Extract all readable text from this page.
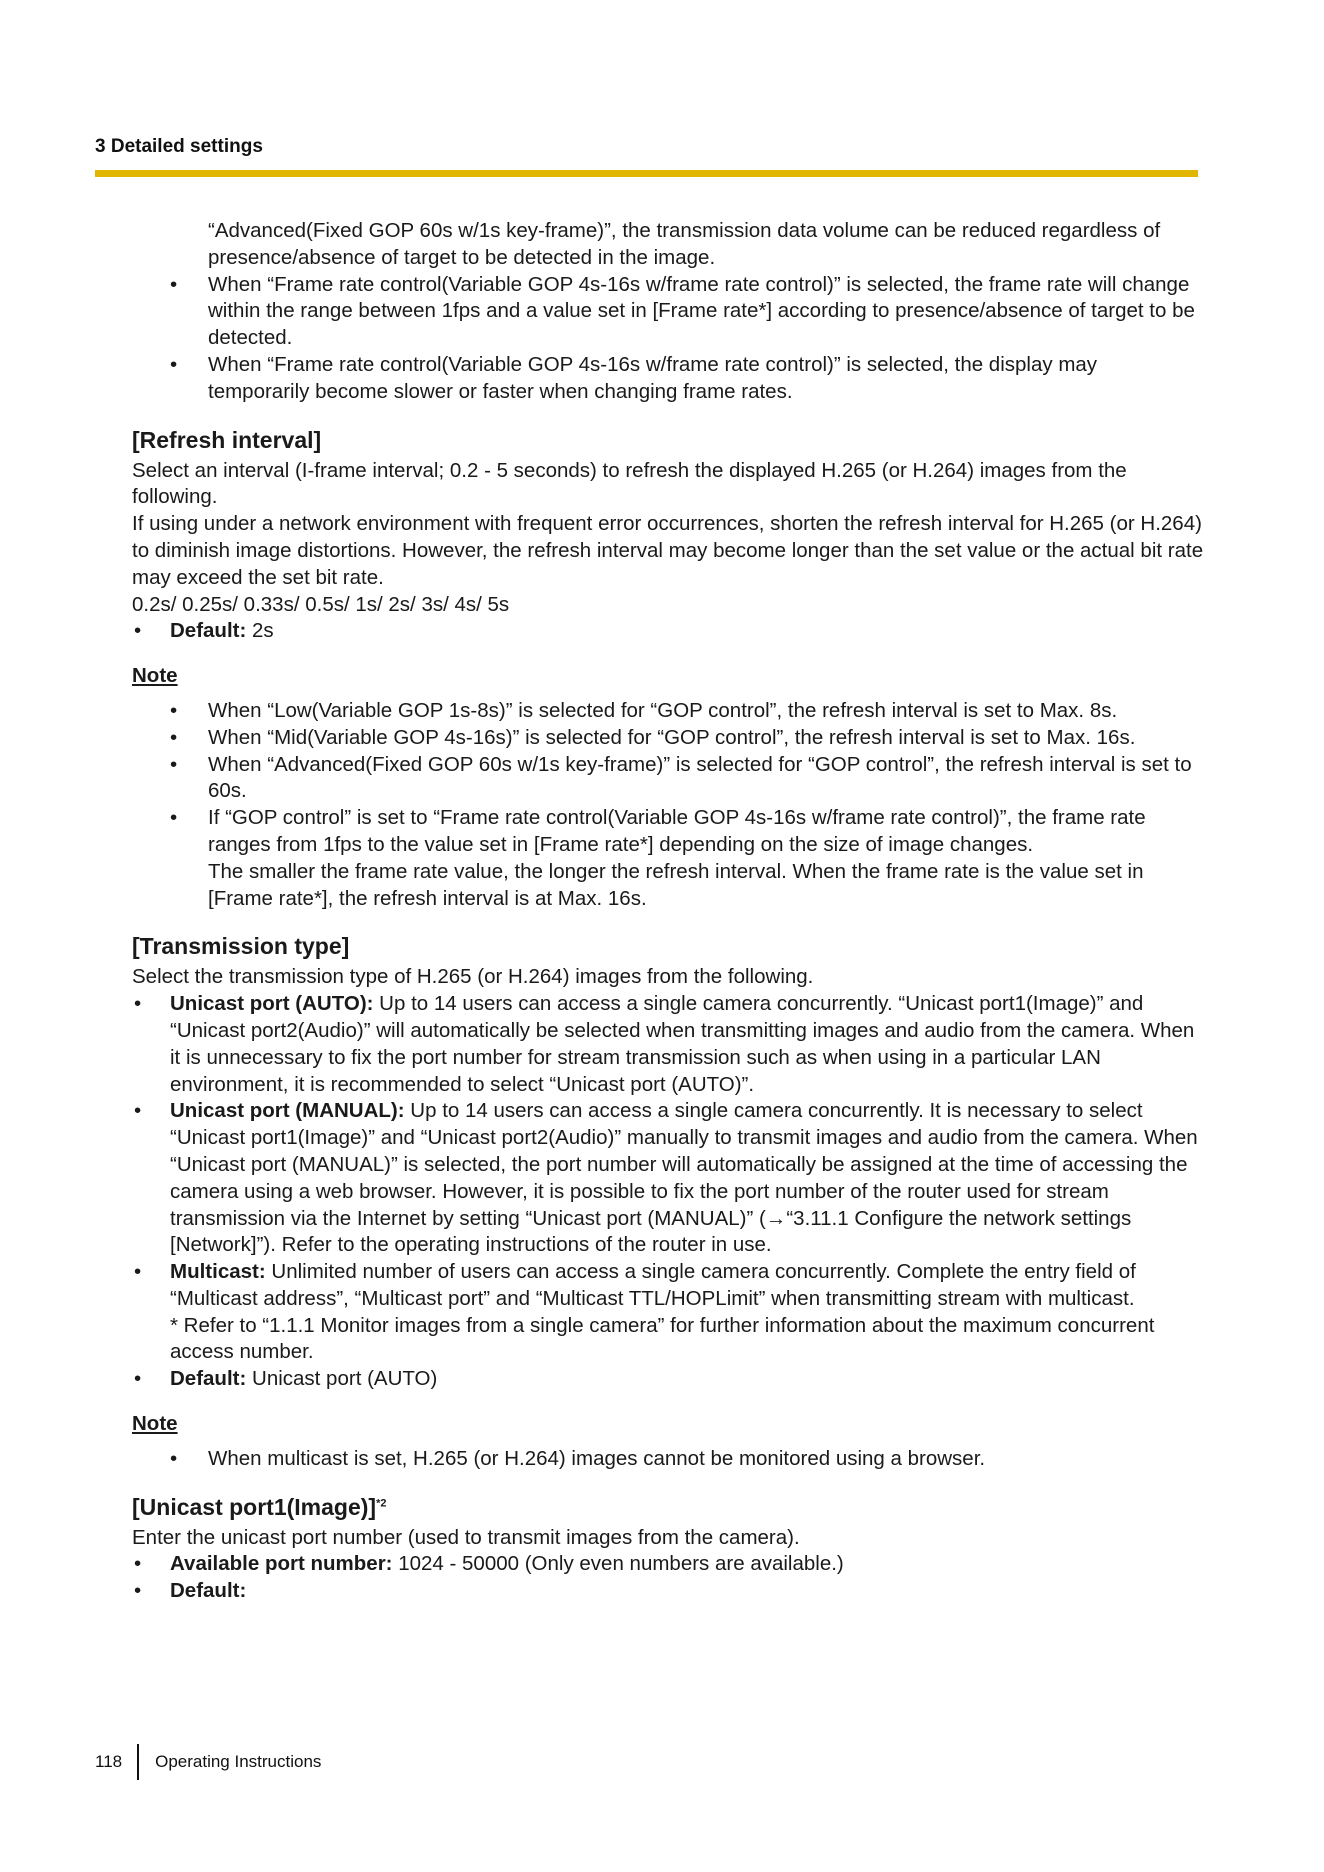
3 Detailed settings

“Advanced(Fixed GOP 60s w/1s key-frame)”, the transmission data volume can be reduced regardless of presence/absence of target to be detected in the image.

• When “Frame rate control(Variable GOP 4s-16s w/frame rate control)” is selected, the frame rate will change within the range between 1fps and a value set in [Frame rate*] according to presence/absence of target to be detected.

• When “Frame rate control(Variable GOP 4s-16s w/frame rate control)” is selected, the display may temporarily become slower or faster when changing frame rates.

[Refresh interval]

Select an interval (I-frame interval; 0.2 - 5 seconds) to refresh the displayed H.265 (or H.264) images from the following.

If using under a network environment with frequent error occurrences, shorten the refresh interval for H.265 (or H.264) to diminish image distortions. However, the refresh interval may become longer than the set value or the actual bit rate may exceed the set bit rate.

0.2s/ 0.25s/ 0.33s/ 0.5s/ 1s/ 2s/ 3s/ 4s/ 5s

• Default: 2s

Note

• When “Low(Variable GOP 1s-8s)” is selected for “GOP control”, the refresh interval is set to Max. 8s.

• When “Mid(Variable GOP 4s-16s)” is selected for “GOP control”, the refresh interval is set to Max. 16s.

• When “Advanced(Fixed GOP 60s w/1s key-frame)” is selected for “GOP control”, the refresh interval is set to 60s.

• If “GOP control” is set to “Frame rate control(Variable GOP 4s-16s w/frame rate control)”, the frame rate ranges from 1fps to the value set in [Frame rate*] depending on the size of image changes.

The smaller the frame rate value, the longer the refresh interval. When the frame rate is the value set in [Frame rate*], the refresh interval is at Max. 16s.

[Transmission type]

Select the transmission type of H.265 (or H.264) images from the following.

• Unicast port (AUTO): Up to 14 users can access a single camera concurrently. “Unicast port1(Image)” and “Unicast port2(Audio)” will automatically be selected when transmitting images and audio from the camera. When it is unnecessary to fix the port number for stream transmission such as when using in a particular LAN environment, it is recommended to select “Unicast port (AUTO)”.

• Unicast port (MANUAL): Up to 14 users can access a single camera concurrently. It is necessary to select “Unicast port1(Image)” and “Unicast port2(Audio)” manually to transmit images and audio from the camera. When “Unicast port (MANUAL)” is selected, the port number will automatically be assigned at the time of accessing the camera using a web browser. However, it is possible to fix the port number of the router used for stream transmission via the Internet by setting “Unicast port (MANUAL)” (→“3.11.1 Configure the network settings [Network]”). Refer to the operating instructions of the router in use.

• Multicast: Unlimited number of users can access a single camera concurrently. Complete the entry field of “Multicast address”, “Multicast port” and “Multicast TTL/HOPLimit” when transmitting stream with multicast.

* Refer to “1.1.1 Monitor images from a single camera” for further information about the maximum concurrent access number.

• Default: Unicast port (AUTO)

Note

• When multicast is set, H.265 (or H.264) images cannot be monitored using a browser.

[Unicast port1(Image)]$^{*2}$

Enter the unicast port number (used to transmit images from the camera).

• Available port number: 1024 - 50000 (Only even numbers are available.)

• Default:

118 Operating Instructions
